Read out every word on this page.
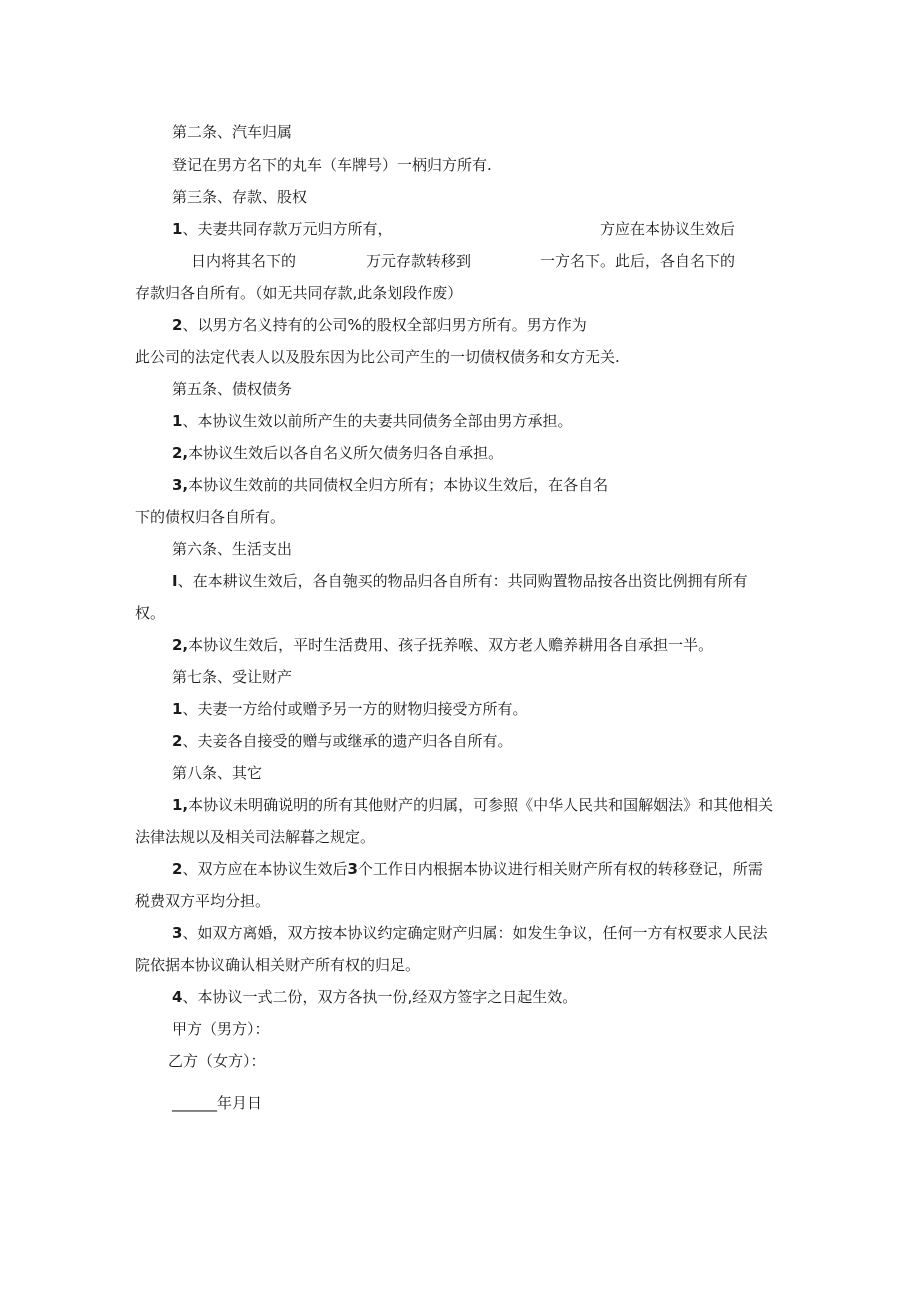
第二条、汽车归属
登记在男方名下的丸车（车牌号）一柄归方所有.
第三条、存款、股权
1、夫妻共同存款万元归方所有，	方应在本协议生效后
日内将其名下的	万元存款转移到	一方名下。此后，各自名下的
存款归各自所有。（如无共同存款,此条划段作废）
2、以男方名义持有的公司%的股权全部归男方所有。男方作为
此公司的法定代表人以及股东因为比公司产生的一切债权债务和女方无关.
第五条、债权债务
1、本协议生效以前所产生的夫妻共同债务全部由男方承担。
2,本协议生效后以各自名义所欠债务归各自承担。
3,本协议生效前的共同债权全归方所有；本协议生效后，在各自名
下的债权归各自所有。
第六条、生活支出
I、在本耕议生效后，各自匏买的物品归各自所有：共同购置物品按各出资比例拥有所有
权。
2,本协议生效后，平时生活费用、孩子抚养喉、双方老人赡养耕用各自承担一半。
第七条、受让财产
1、夫妻一方给付或赠予另一方的财物归接受方所有。
2、夫妾各自接受的赠与或继承的遗产归各自所有。
第八条、其它
1,本协议未明确说明的所有其他财产的归属，可参照《中华人民共和国解姻法》和其他相关
法律法规以及相关司法解暮之规定。
2、双方应在本协议生效后3个工作日内根据本协议进行相关财产所有权的转移登记，所需
税费双方平均分担。
3、如双方离婚，双方按本协议约定确定财产归属：如发生争议，任何一方有权要求人民法
院依据本协议确认相关财产所有权的归足。
4、本协议一式二份，双方各执一份,经双方签字之日起生效。
甲方（男方）：
乙方（女方）：
______年月日
